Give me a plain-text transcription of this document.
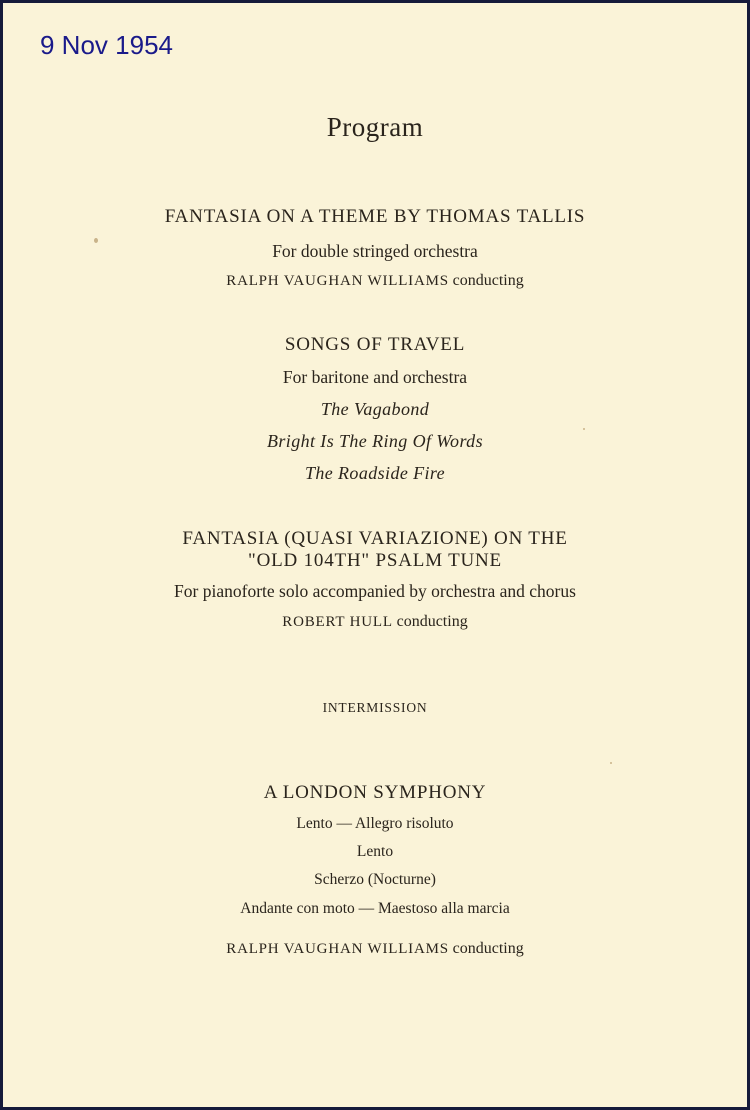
9 Nov 1954
Program
FANTASIA ON A THEME BY THOMAS TALLIS
For double stringed orchestra
RALPH VAUGHAN WILLIAMS conducting
SONGS OF TRAVEL
For baritone and orchestra
The Vagabond
Bright Is The Ring Of Words
The Roadside Fire
FANTASIA (QUASI VARIAZIONE) ON THE
"OLD 104TH" PSALM TUNE
For pianoforte solo accompanied by orchestra and chorus
ROBERT HULL conducting
INTERMISSION
A LONDON SYMPHONY
Lento — Allegro risoluto
Lento
Scherzo (Nocturne)
Andante con moto — Maestoso alla marcia
RALPH VAUGHAN WILLIAMS conducting
